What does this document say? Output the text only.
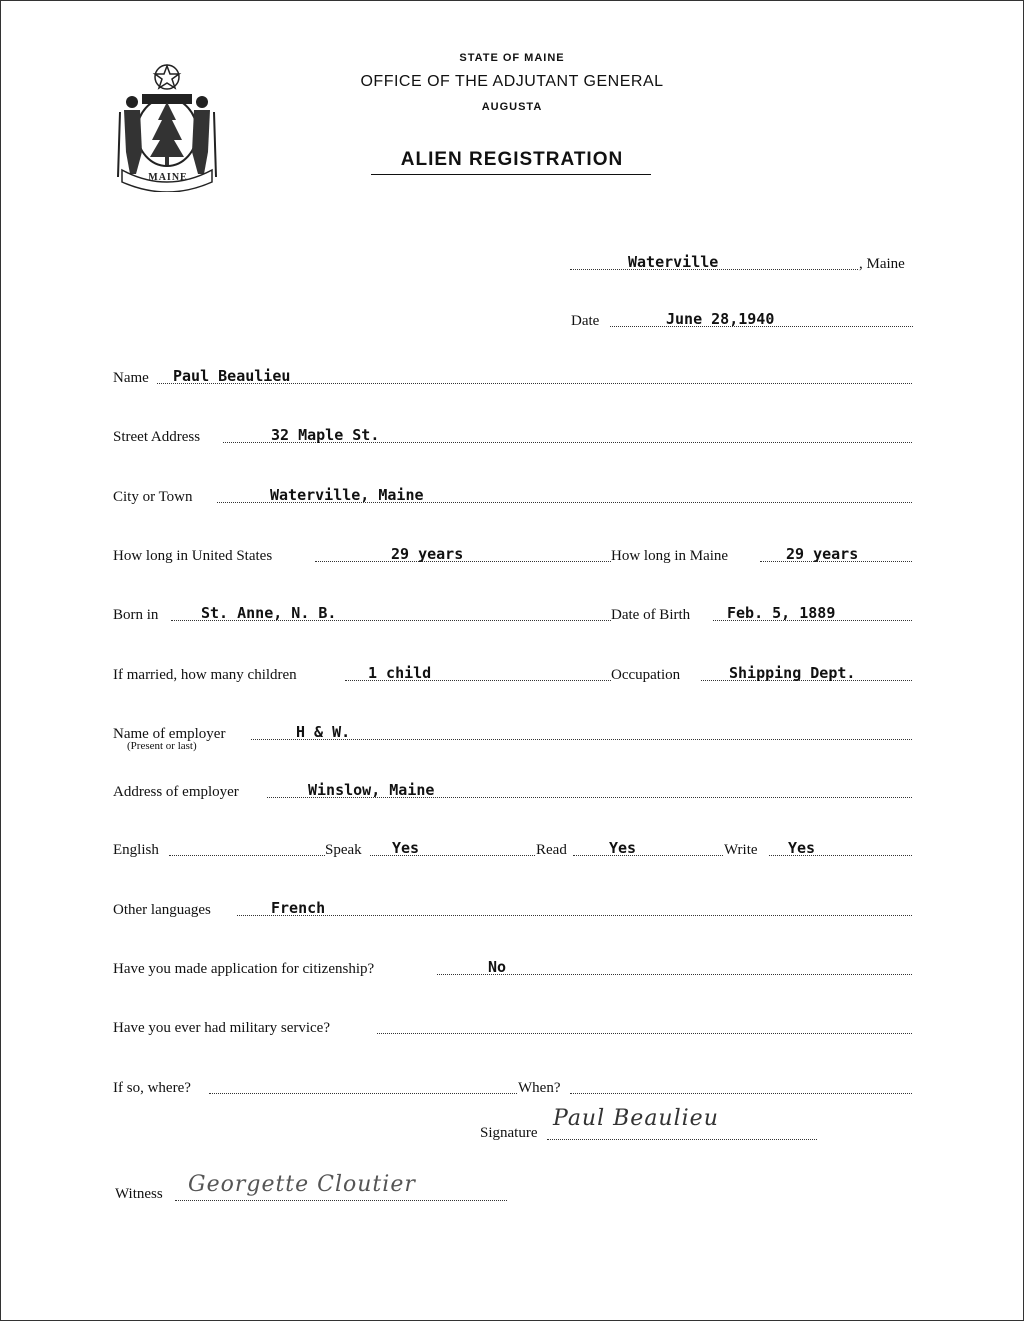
MAINE
STATE OF MAINE
OFFICE OF THE ADJUTANT GENERAL
AUGUSTA
ALIEN REGISTRATION
Waterville	, Maine
Date	June 28,1940
Name Paul Beaulieu
Street Address	32 Maple St.
City or Town	Waterville, Maine
How long in United States	29 years	How long in Maine	29 years
Born in	St. Anne, N. B.	Date of Birth Feb. 5, 1889
If married, how many children	1 child	Occupation	Shipping Dept.
Name of employer	H & W.
(Present or last)
Address of employer	Winslow, Maine
English	Speak Yes	Read	Yes	Write Yes
Other languages	French
Have you made application for citizenship?	No
Have you ever had military service?
If so, where?	When?
Signature
Paul Beaulieu
Witness Georgette Cloutier
